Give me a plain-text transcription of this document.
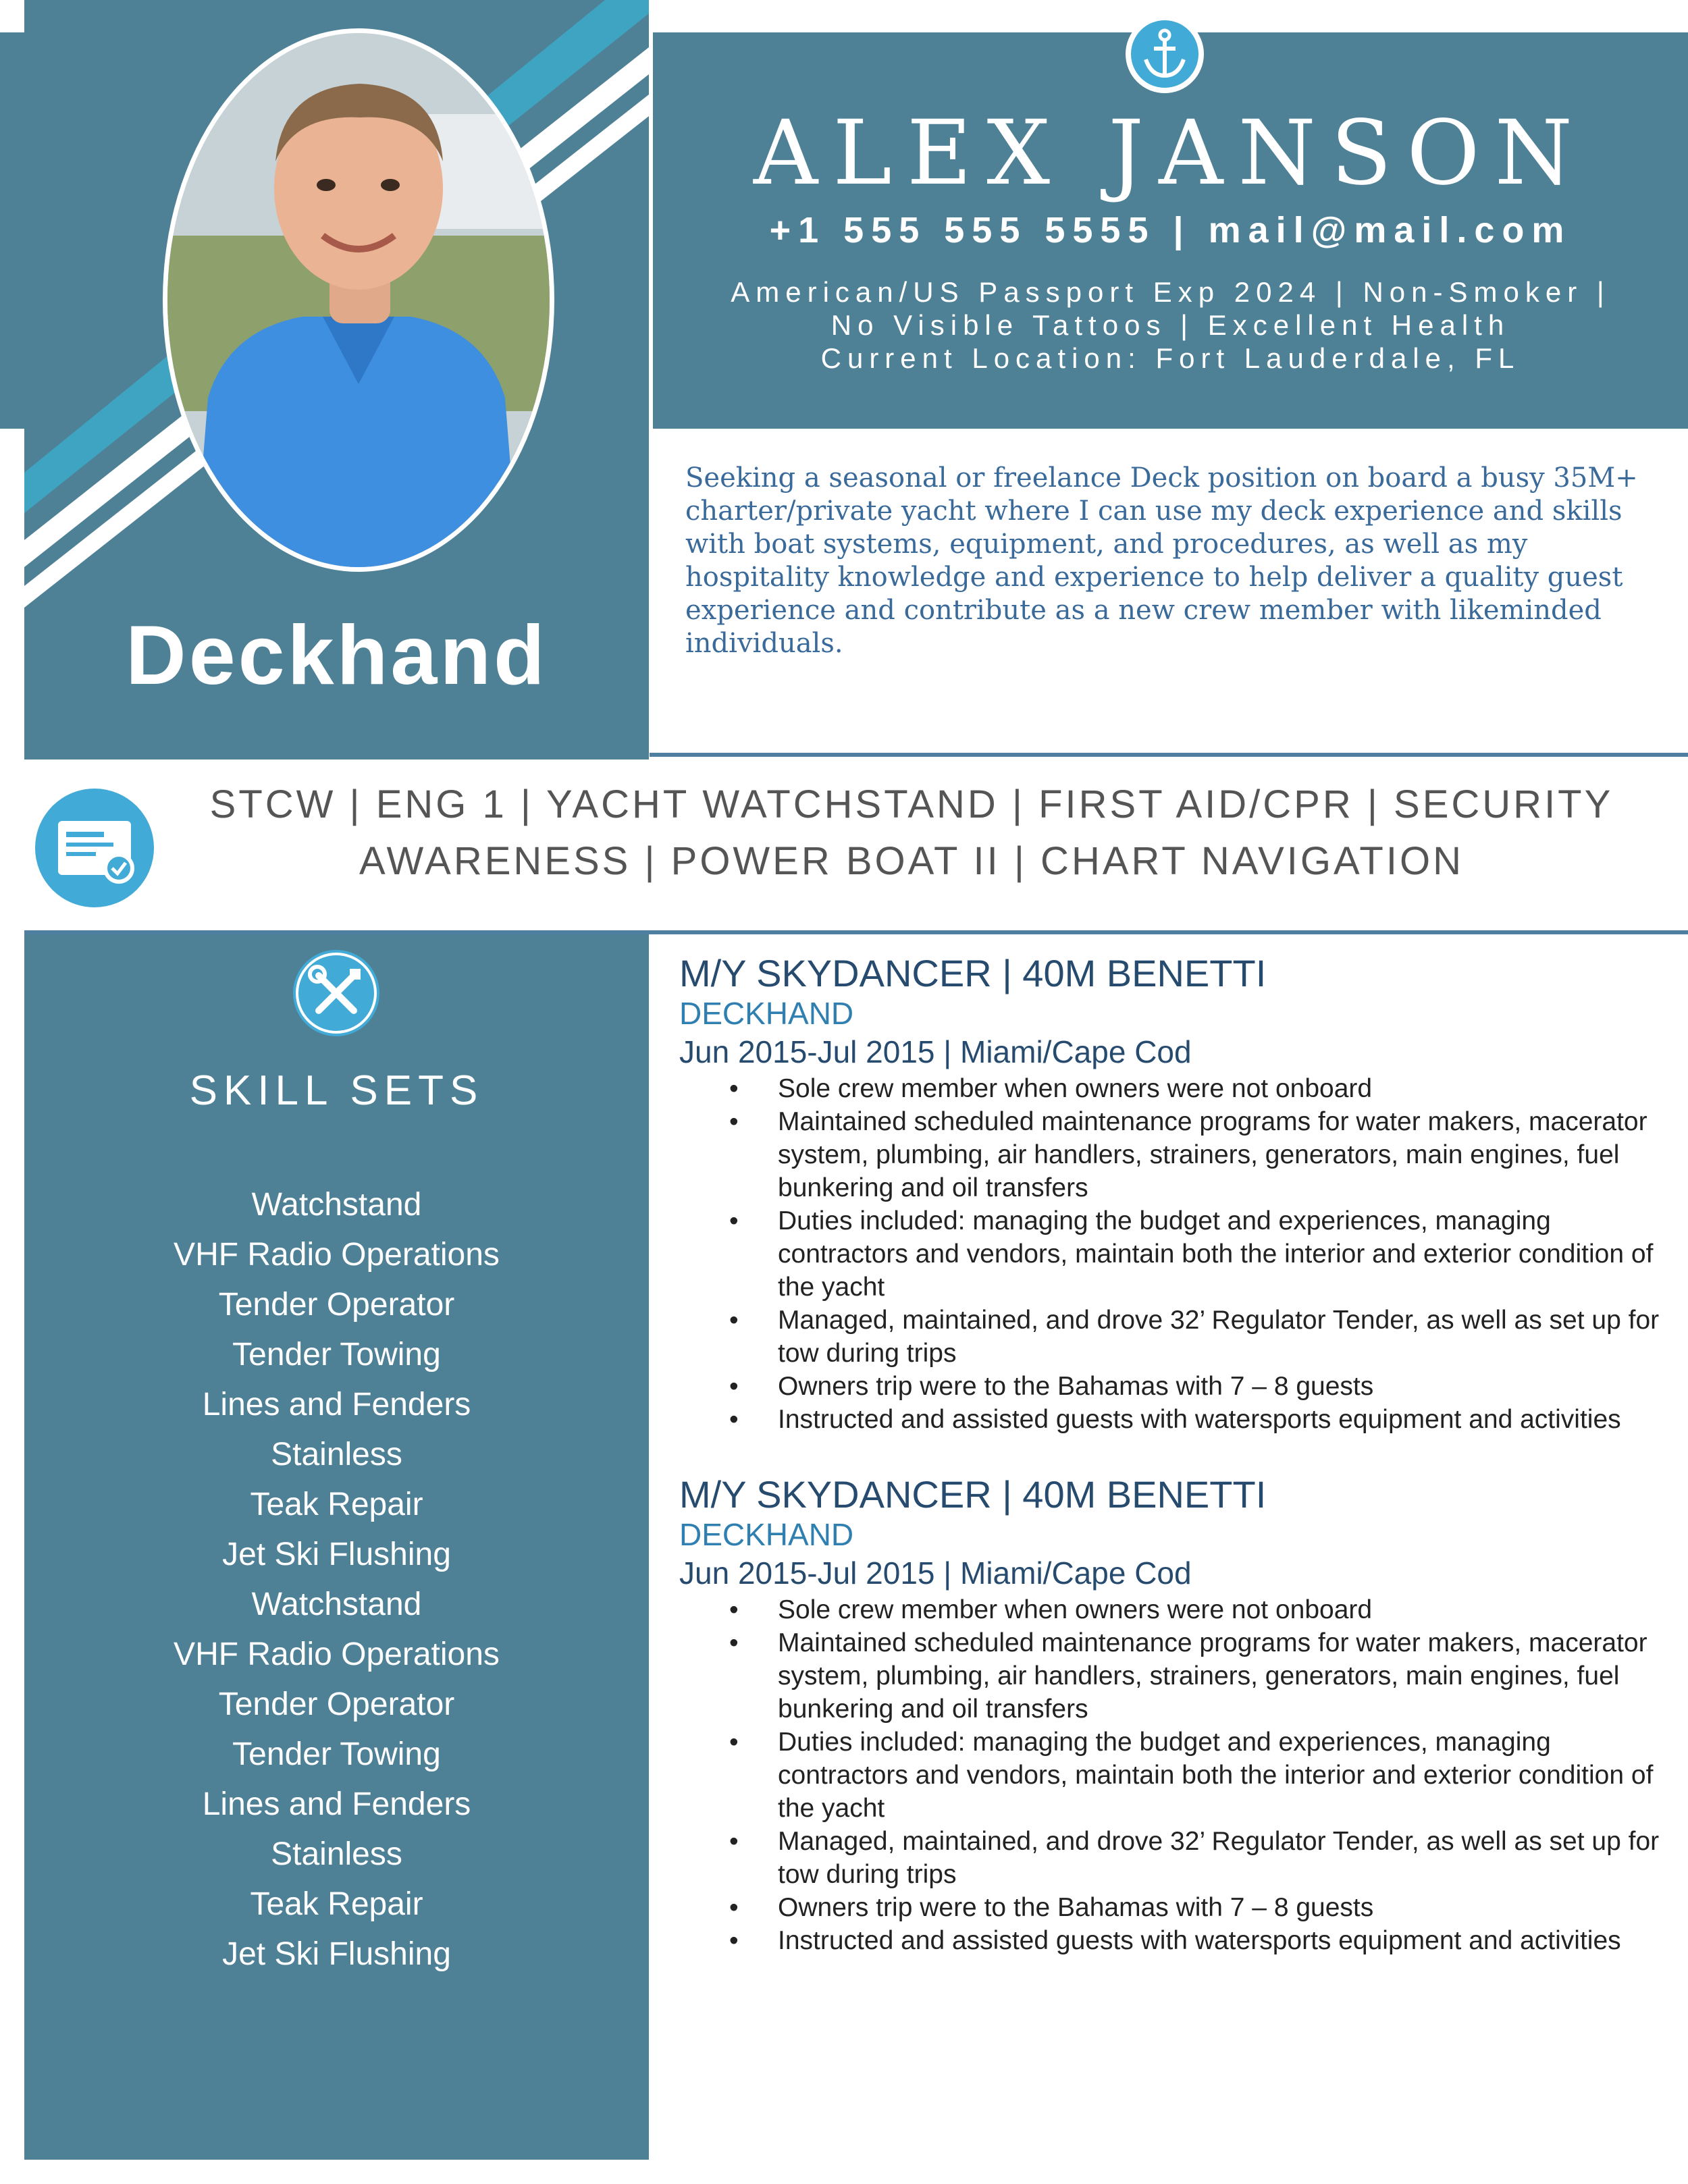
Deckhand
ALEX JANSON
+1 555 555 5555 | mail@mail.com
American/US Passport Exp 2024 | Non-Smoker |
No Visible Tattoos | Excellent Health
Current Location: Fort Lauderdale, FL
Seeking a seasonal or freelance Deck position on board a busy 35M+ charter/private yacht where I can use my deck experience and skills with boat systems, equipment, and procedures, as well as my hospitality knowledge and experience to help deliver a quality guest experience and contribute as a new crew member with likeminded individuals.
STCW | ENG 1 | YACHT WATCHSTAND | FIRST AID/CPR | SECURITY
AWARENESS | POWER BOAT II | CHART NAVIGATION
SKILL SETS
Watchstand
VHF Radio Operations
Tender Operator
Tender Towing
Lines and Fenders
Stainless
Teak Repair
Jet Ski Flushing
Watchstand
VHF Radio Operations
Tender Operator
Tender Towing
Lines and Fenders
Stainless
Teak Repair
Jet Ski Flushing
M/Y SKYDANCER | 40M BENETTI
DECKHAND
Jun 2015-Jul 2015 | Miami/Cape Cod
• Sole crew member when owners were not onboard
• Maintained scheduled maintenance programs for water makers, macerator system, plumbing, air handlers, strainers, generators, main engines, fuel bunkering and oil transfers
• Duties included: managing the budget and experiences, managing contractors and vendors, maintain both the interior and exterior condition of the yacht
• Managed, maintained, and drove 32’ Regulator Tender, as well as set up for tow during trips
• Owners trip were to the Bahamas with 7 – 8 guests
• Instructed and assisted guests with watersports equipment and activities
M/Y SKYDANCER | 40M BENETTI
DECKHAND
Jun 2015-Jul 2015 | Miami/Cape Cod
• Sole crew member when owners were not onboard
• Maintained scheduled maintenance programs for water makers, macerator system, plumbing, air handlers, strainers, generators, main engines, fuel bunkering and oil transfers
• Duties included: managing the budget and experiences, managing contractors and vendors, maintain both the interior and exterior condition of the yacht
• Managed, maintained, and drove 32’ Regulator Tender, as well as set up for tow during trips
• Owners trip were to the Bahamas with 7 – 8 guests
• Instructed and assisted guests with watersports equipment and activities
